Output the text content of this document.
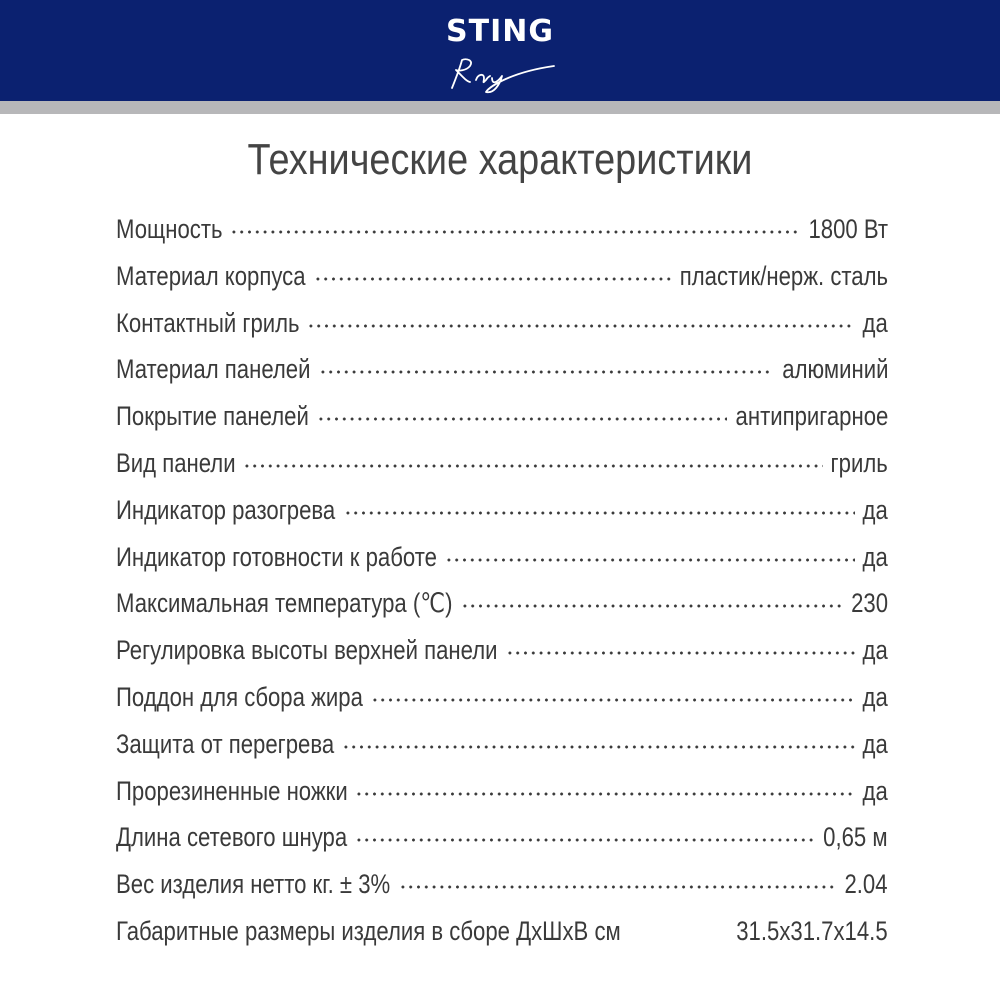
STING
Технические характеристики
Мощность	1800 Вт
Материал корпуса	пластик/нерж. сталь
Контактный гриль	да
Материал панелей	алюминий
Покрытие панелей	антипригарное
Вид панели	гриль
Индикатор разогрева	да
Индикатор готовности к работе	да
Максимальная температура (℃)	230
Регулировка высоты верхней панели	да
Поддон для сбора жира	да
Защита от перегрева	да
Прорезиненные ножки	да
Длина сетевого шнура	0,65 м
Вес изделия нетто кг. ± 3%	2.04
Габаритные размеры изделия в сборе ДхШхВ см	31.5х31.7х14.5
